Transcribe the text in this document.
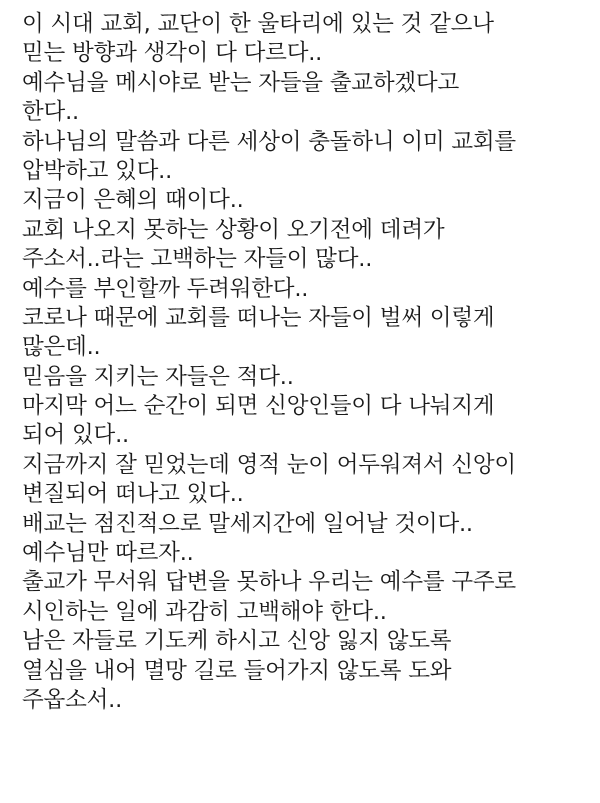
이 시대 교회, 교단이 한 울타리에 있는 것 같으나
믿는 방향과 생각이 다 다르다..
예수님을 메시야로 받는 자들을 출교하겠다고
한다..
하나님의 말씀과 다른 세상이 충돌하니 이미 교회를
압박하고 있다..
지금이 은혜의 때이다..
교회 나오지 못하는 상황이 오기전에 데려가
주소서..라는 고백하는 자들이 많다..
예수를 부인할까 두려워한다..
코로나 때문에 교회를 떠나는 자들이 벌써 이렇게
많은데..
믿음을 지키는 자들은 적다..
마지막 어느 순간이 되면 신앙인들이 다 나눠지게
되어 있다..
지금까지 잘 믿었는데 영적 눈이 어두워져서 신앙이
변질되어 떠나고 있다..
배교는 점진적으로 말세지간에 일어날 것이다..
예수님만 따르자..
출교가 무서워 답변을 못하나 우리는 예수를 구주로
시인하는 일에 과감히 고백해야 한다..
남은 자들로 기도케 하시고 신앙 잃지 않도록
열심을 내어 멸망 길로 들어가지 않도록 도와
주옵소서..
